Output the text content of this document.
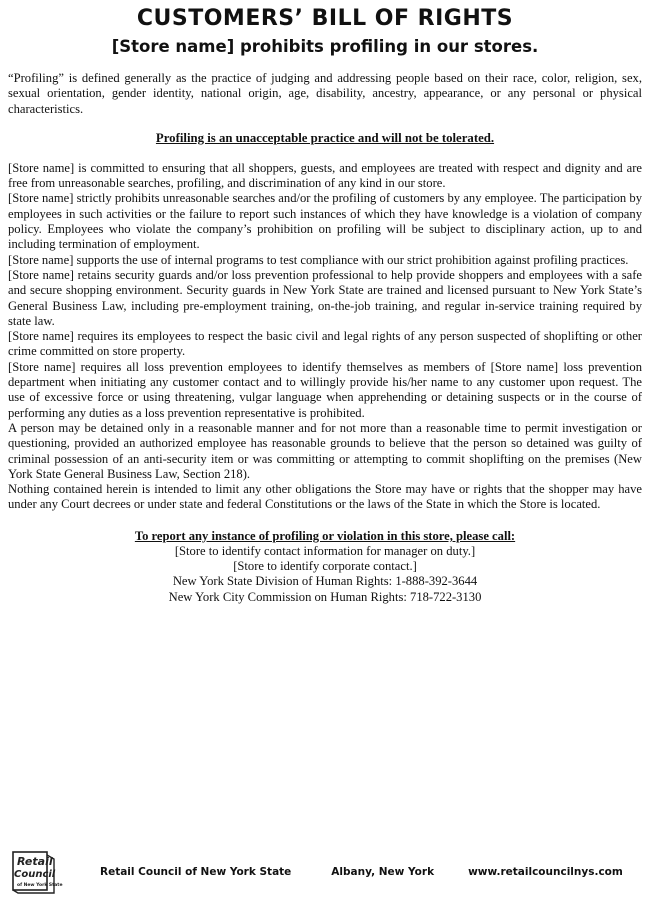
CUSTOMERS’ BILL OF RIGHTS
[Store name] prohibits profiling in our stores.

“Profiling” is defined generally as the practice of judging and addressing people based on their race, color, religion, sex, sexual orientation, gender identity, national origin, age, disability, ancestry, appearance, or any personal or physical characteristics.

Profiling is an unacceptable practice and will not be tolerated.

[Store name] is committed to ensuring that all shoppers, guests, and employees are treated with respect and dignity and are free from unreasonable searches, profiling, and discrimination of any kind in our store.

[Store name] strictly prohibits unreasonable searches and/or the profiling of customers by any employee. The participation by employees in such activities or the failure to report such instances of which they have knowledge is a violation of company policy. Employees who violate the company’s prohibition on profiling will be subject to disciplinary action, up to and including termination of employment.

[Store name] supports the use of internal programs to test compliance with our strict prohibition against profiling practices.

[Store name] retains security guards and/or loss prevention professional to help provide shoppers and employees with a safe and secure shopping environment. Security guards in New York State are trained and licensed pursuant to New York State’s General Business Law, including pre-employment training, on-the-job training, and regular in-service training required by state law.

[Store name] requires its employees to respect the basic civil and legal rights of any person suspected of shoplifting or other crime committed on store property.

[Store name] requires all loss prevention employees to identify themselves as members of [Store name] loss prevention department when initiating any customer contact and to willingly provide his/her name to any customer upon request. The use of excessive force or using threatening, vulgar language when apprehending or detaining suspects or in the course of performing any duties as a loss prevention representative is prohibited.

A person may be detained only in a reasonable manner and for not more than a reasonable time to permit investigation or questioning, provided an authorized employee has reasonable grounds to believe that the person so detained was guilty of criminal possession of an anti-security item or was committing or attempting to commit shoplifting on the premises (New York State General Business Law, Section 218).

Nothing contained herein is intended to limit any other obligations the Store may have or rights that the shopper may have under any Court decrees or under state and federal Constitutions or the laws of the State in which the Store is located.

To report any instance of profiling or violation in this store, please call:
[Store to identify contact information for manager on duty.]
[Store to identify corporate contact.]
New York State Division of Human Rights: 1-888-392-3644
New York City Commission on Human Rights: 718-722-3130
Retail
Council
of New York State
Retail Council of New York State	Albany, New York	www.retailcouncilnys.com
